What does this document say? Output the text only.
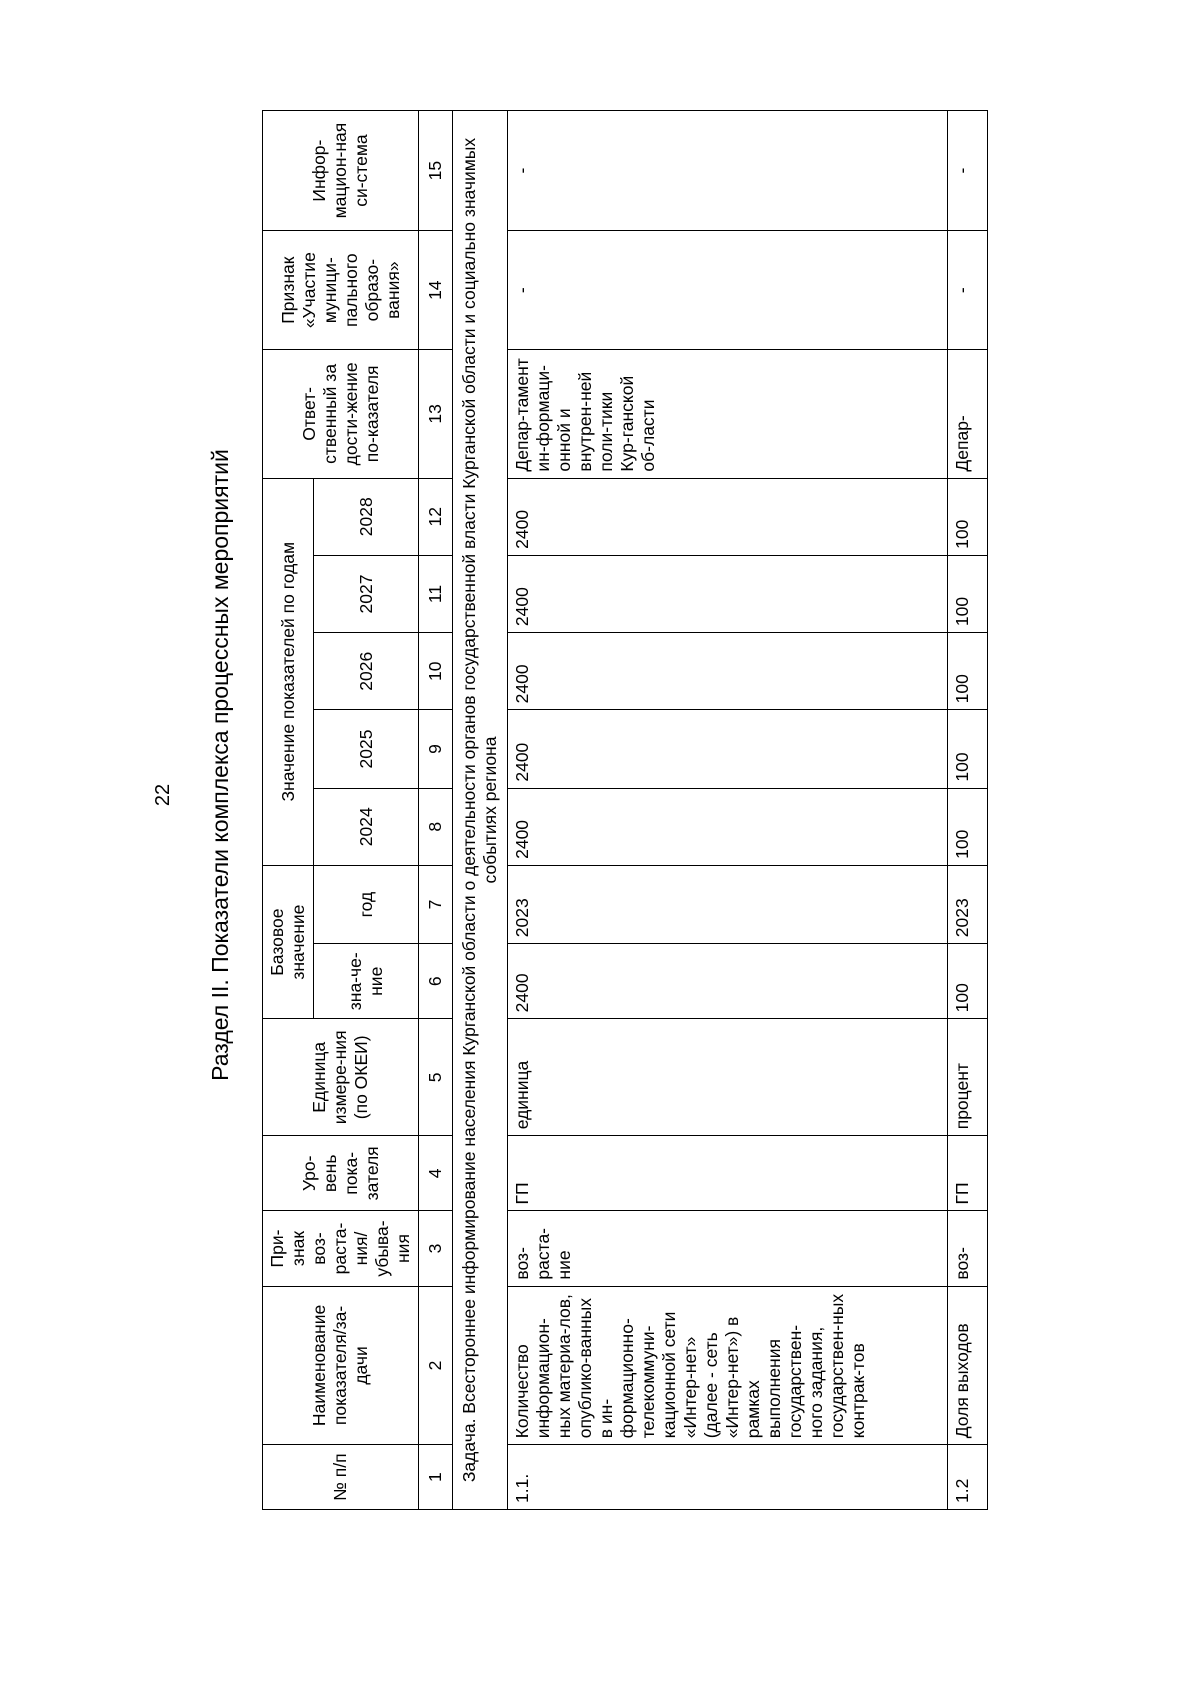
22 Раздел II. Показатели комплекса процессных мероприятий
№ п/п	Наименование показателя/за-дачи	При-знак воз-раста-ния/ убыва-ния	Уро-вень пока-зателя	Единица измере-ния (по ОКЕИ)	Базовое значение		Значение показателей по годам					Ответ-ственный за дости-жение по-казателя	Признак «Участие муници-пального образо-вания»	Инфор-мацион-ная си-стема
					зна-че-ние	год	2024	2025	2026	2027	2028			
1	2	3	4	5	6	7	8	9	10	11	12	13	14	15
Задача. Всестороннее информирование населения Курганской области о деятельности органов государственной власти Курганской области и социально значимых событиях региона														
1.1.	Количество информацион-ных материа-лов, опублико-ванных в ин-формационно-телекоммуни-кационной сети «Интер-нет» (далее - сеть «Интер-нет») в рамках выполнения государствен-ного задания, государствен-ных контрак-тов	воз-раста-ние	ГП	единица	2400	2023	2400	2400	2400	2400	2400	Депар-тамент ин-формаци-онной и внутрен-ней поли-тики Кур-ганской об-ласти	-	-
1.2	Доля выходов	воз-	ГП	процент	100	2023	100	100	100	100	100	Депар-	-	-
